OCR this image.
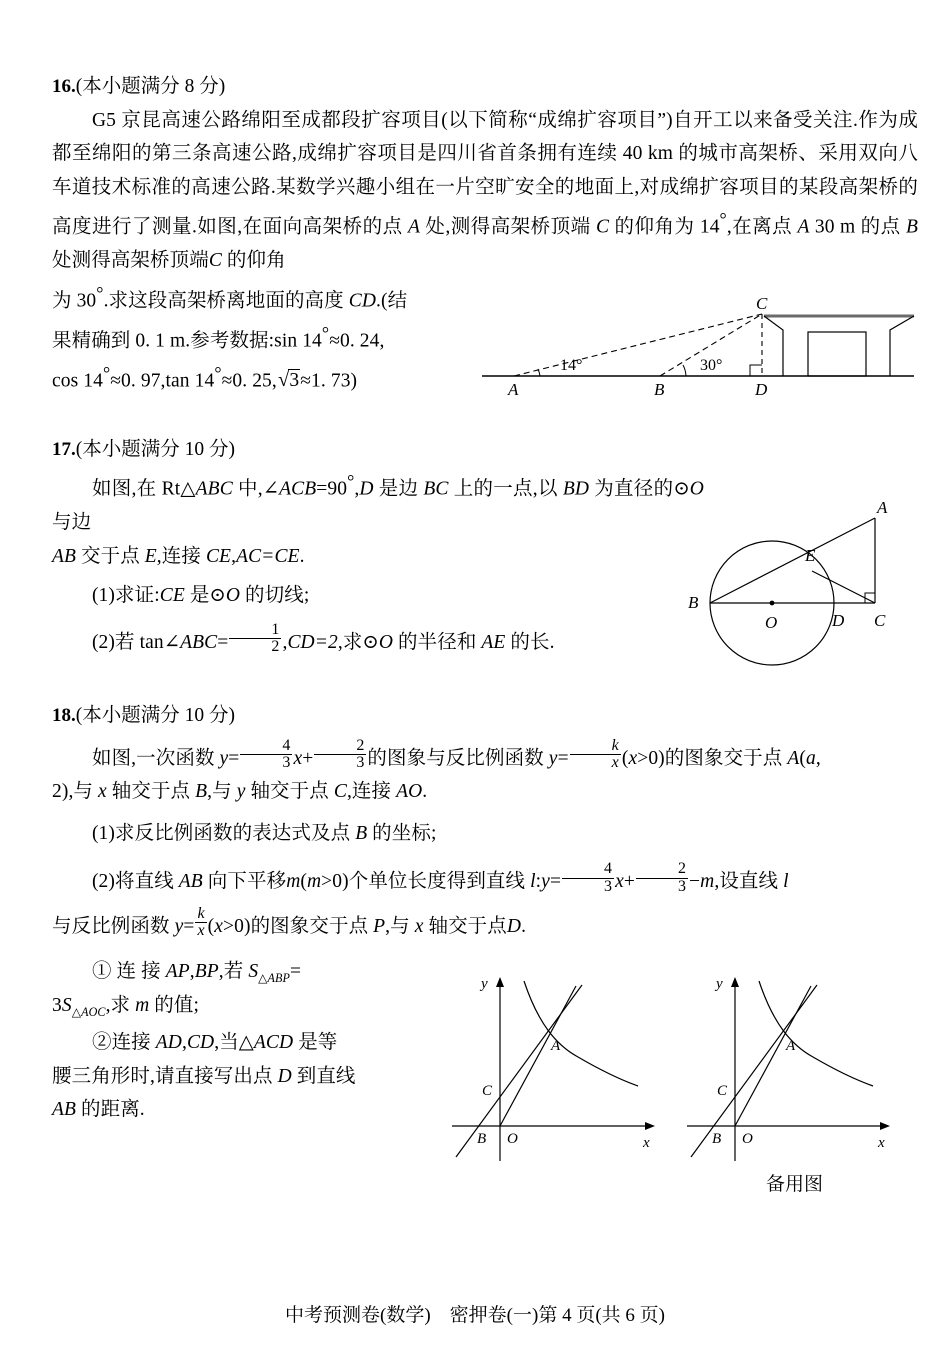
16.(本小题满分 8 分)
A	B	D
C
14°	30°

G5 京昆高速公路绵阳至成都段扩容项目(以下简称“成绵扩容项目”)自开工以来备受关注.作为成都至绵阳的第三条高速公路,成绵扩容项目是四川省首条拥有连续 40 km 的城市高架桥、采用双向八车道技术标准的高速公路.某数学兴趣小组在一片空旷安全的地面上,对成绵扩容项目的某段高架桥的高度进行了测量.如图,在面向高架桥的点 A 处,测得高架桥顶端 C 的仰角为 14°,在离点 A 30 m 的点 B 处测得高架桥顶端C 的仰角
为 30°.求这段高架桥离地面的高度 CD.(结

果精确到 0. 1 m.参考数据:sin 14°≈0. 24,
cos 14°≈0. 97,tan 14°≈0. 25,√3≈1. 73)

17.(本小题满分 10 分)
B
O	D C
A
E

如图,在 Rt△ABC 中,∠ACB=90°,D 是边 BC 上的一点,以 BD 为直径的⊙O 与边

AB 交于点 E,连接 CE,AC=CE.

(1)求证:CE 是⊙O 的切线;

(2)若 tan∠ABC= $\frac{1}{2} ,CD=2$,求⊙O 的半径和 AE 的长.

18.(本小题满分 10 分)

如图,一次函数 $y= \frac{4}{3} x+ \frac{2}{3}$ 的图象与反比例函数 $y= \frac{k}{x} (x>0)$的图象交于点 A(a,

2),与 x 轴交于点 B,与 y 轴交于点 C,连接 AO.

(1)求反比例函数的表达式及点 B 的坐标;

(2)将直线 AB 向下平移m(m>0)个单位长度得到直线 l:y= $\frac{4}{3} x+ \frac{2}{3} -m$,设直线 l

与反比例函数 $y= \frac{k}{x} (x>0)$的图象交于点 P,与 x 轴交于点D.

① 连 接 AP,BP,若 $S_{\triangle ABP}=$
$3S_{\triangle AOC}$,求 m 的值;

②连接 AD,CD,当△ACD 是等
腰三角形时,请直接写出点 D 到直线
AB 的距离.

y
x
O
B
C
A
y
x
O
B
C
A
备用图
中考预测卷(数学)　密押卷(一)第 4 页(共 6 页)
